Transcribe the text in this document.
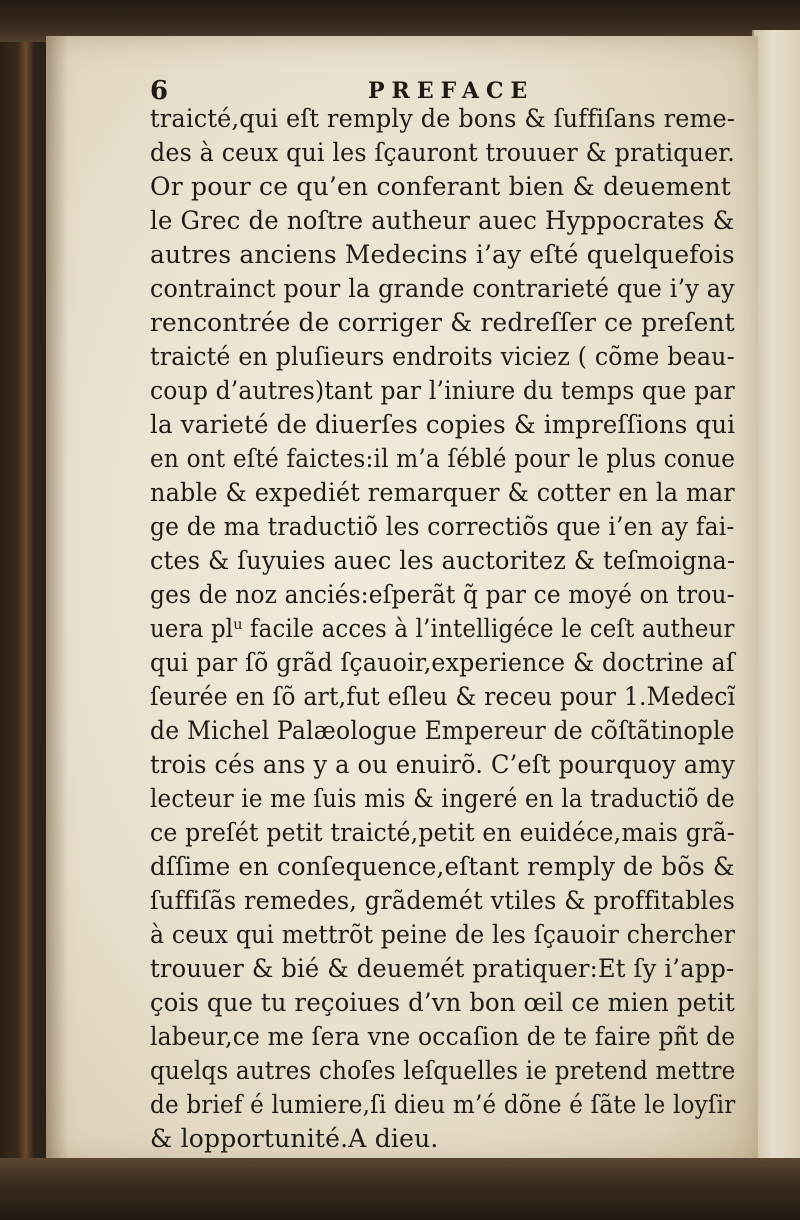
6	PREFACE
traicté,qui eſt remply de bons & ſuffiſans reme-
des à ceux qui les ſçauront trouuer & pratiquer.
Or pour ce qu’en conferant bien & deuement
le Grec de noſtre autheur auec Hyppocrates &
autres anciens Medecins i’ay eſté quelquefois
contrainct pour la grande contrarieté que i’y ay
rencontrée de corriger & redreſſer ce preſent
traicté en pluſieurs endroits viciez ( cõme beau-
coup d’autres)tant par l’iniure du temps que par
la varieté de diuerſes copies & impreſſions qui
en ont eſté faictes:il m’a ſéblé pour le plus conue
nable & expediét remarquer & cotter en la mar
ge de ma traductiõ les correctiõs que i’en ay fai-
ctes & ſuyuies auec les auctoritez & teſmoigna-
ges de noz anciés:eſperãt q̃ par ce moyé on trou-
uera plᵘ facile acces à l’intelligéce le ceſt autheur
qui par ſõ grãd ſçauoir,experience & doctrine aſ
ſeurée en ſõ art,fut eſleu & receu pour 1.Medecĩ
de Michel Palæologue Empereur de cõſtãtinople
trois cés ans y a ou enuirõ. C’eſt pourquoy amy
lecteur ie me ſuis mis & ingeré en la traductiõ de
ce preſét petit traicté,petit en euidéce,mais grã-
dſſime en conſequence,eſtant remply de bõs &
ſuffiſãs remedes, grãdemét vtiles & proffitables
à ceux qui mettrõt peine de les ſçauoir chercher
trouuer & bié & deuemét pratiquer:Et ſy i’app-
çois que tu reçoiues d’vn bon œil ce mien petit
labeur,ce me ſera vne occaſion de te faire pñt de
quelqs autres choſes leſquelles ie pretend mettre
de brief é lumiere,ſi dieu m’é dõne é ſãte le loyſir
& lopportunité.A dieu.
